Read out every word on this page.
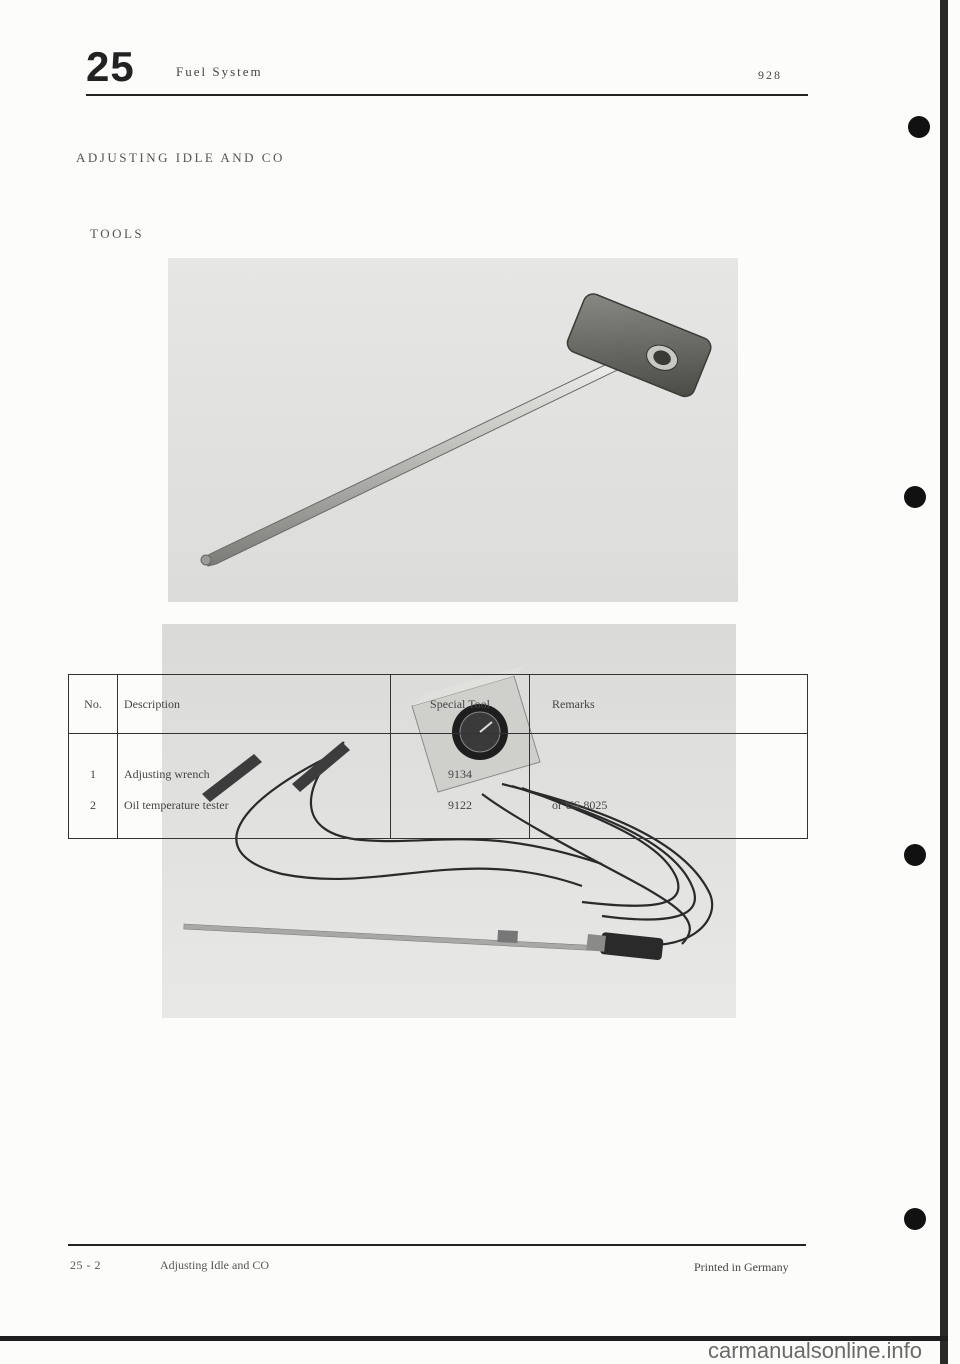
25	Fuel System	928
ADJUSTING IDLE AND CO
TOOLS
No.	Description	Special Tool	Remarks
1	Adjusting wrench	9134	
2	Oil temperature tester	9122	or US 8025
25 - 2	Adjusting Idle and CO	Printed in Germany
carmanualsonline.info
